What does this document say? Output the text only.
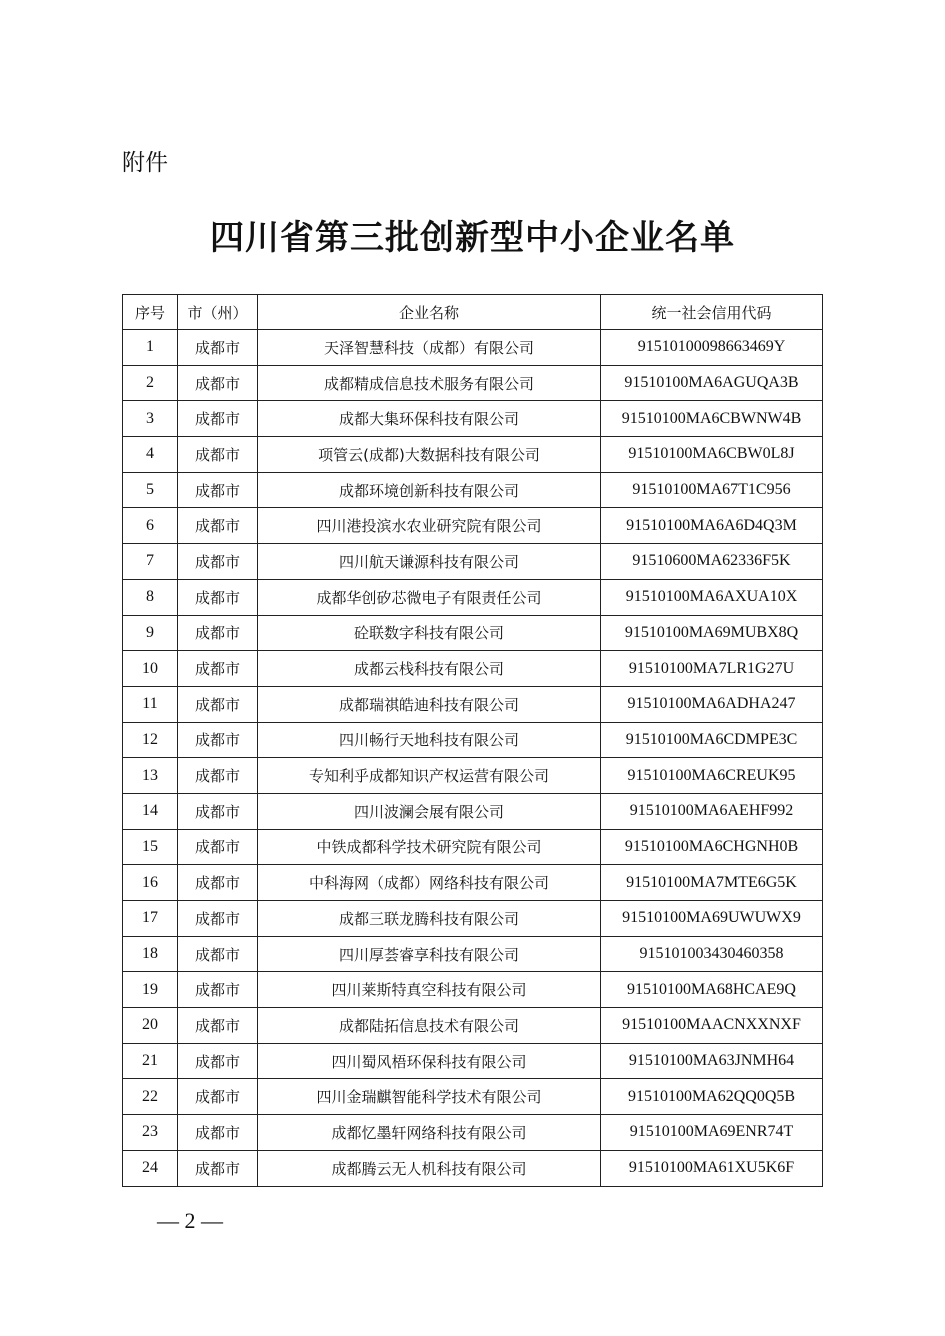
附件
四川省第三批创新型中小企业名单
序号	市（州）	企业名称	统一社会信用代码
1	成都市	天泽智慧科技（成都）有限公司	91510100098663469Y
2	成都市	成都精成信息技术服务有限公司	91510100MA6AGUQA3B
3	成都市	成都大集环保科技有限公司	91510100MA6CBWNW4B
4	成都市	项管云(成都)大数据科技有限公司	91510100MA6CBW0L8J
5	成都市	成都环境创新科技有限公司	91510100MA67T1C956
6	成都市	四川港投滨水农业研究院有限公司	91510100MA6A6D4Q3M
7	成都市	四川航天谦源科技有限公司	91510600MA62336F5K
8	成都市	成都华创矽芯微电子有限责任公司	91510100MA6AXUA10X
9	成都市	砼联数字科技有限公司	91510100MA69MUBX8Q
10	成都市	成都云栈科技有限公司	91510100MA7LR1G27U
11	成都市	成都瑞祺皓迪科技有限公司	91510100MA6ADHA247
12	成都市	四川畅行天地科技有限公司	91510100MA6CDMPE3C
13	成都市	专知利乎成都知识产权运营有限公司	91510100MA6CREUK95
14	成都市	四川波澜会展有限公司	91510100MA6AEHF992
15	成都市	中铁成都科学技术研究院有限公司	91510100MA6CHGNH0B
16	成都市	中科海网（成都）网络科技有限公司	91510100MA7MTE6G5K
17	成都市	成都三联龙腾科技有限公司	91510100MA69UWUWX9
18	成都市	四川厚荟睿享科技有限公司	915101003430460358
19	成都市	四川莱斯特真空科技有限公司	91510100MA68HCAE9Q
20	成都市	成都陆拓信息技术有限公司	91510100MAACNXXNXF
21	成都市	四川蜀风梧环保科技有限公司	91510100MA63JNMH64
22	成都市	四川金瑞麒智能科学技术有限公司	91510100MA62QQ0Q5B
23	成都市	成都忆墨轩网络科技有限公司	91510100MA69ENR74T
24	成都市	成都腾云无人机科技有限公司	91510100MA61XU5K6F
— 2 —
